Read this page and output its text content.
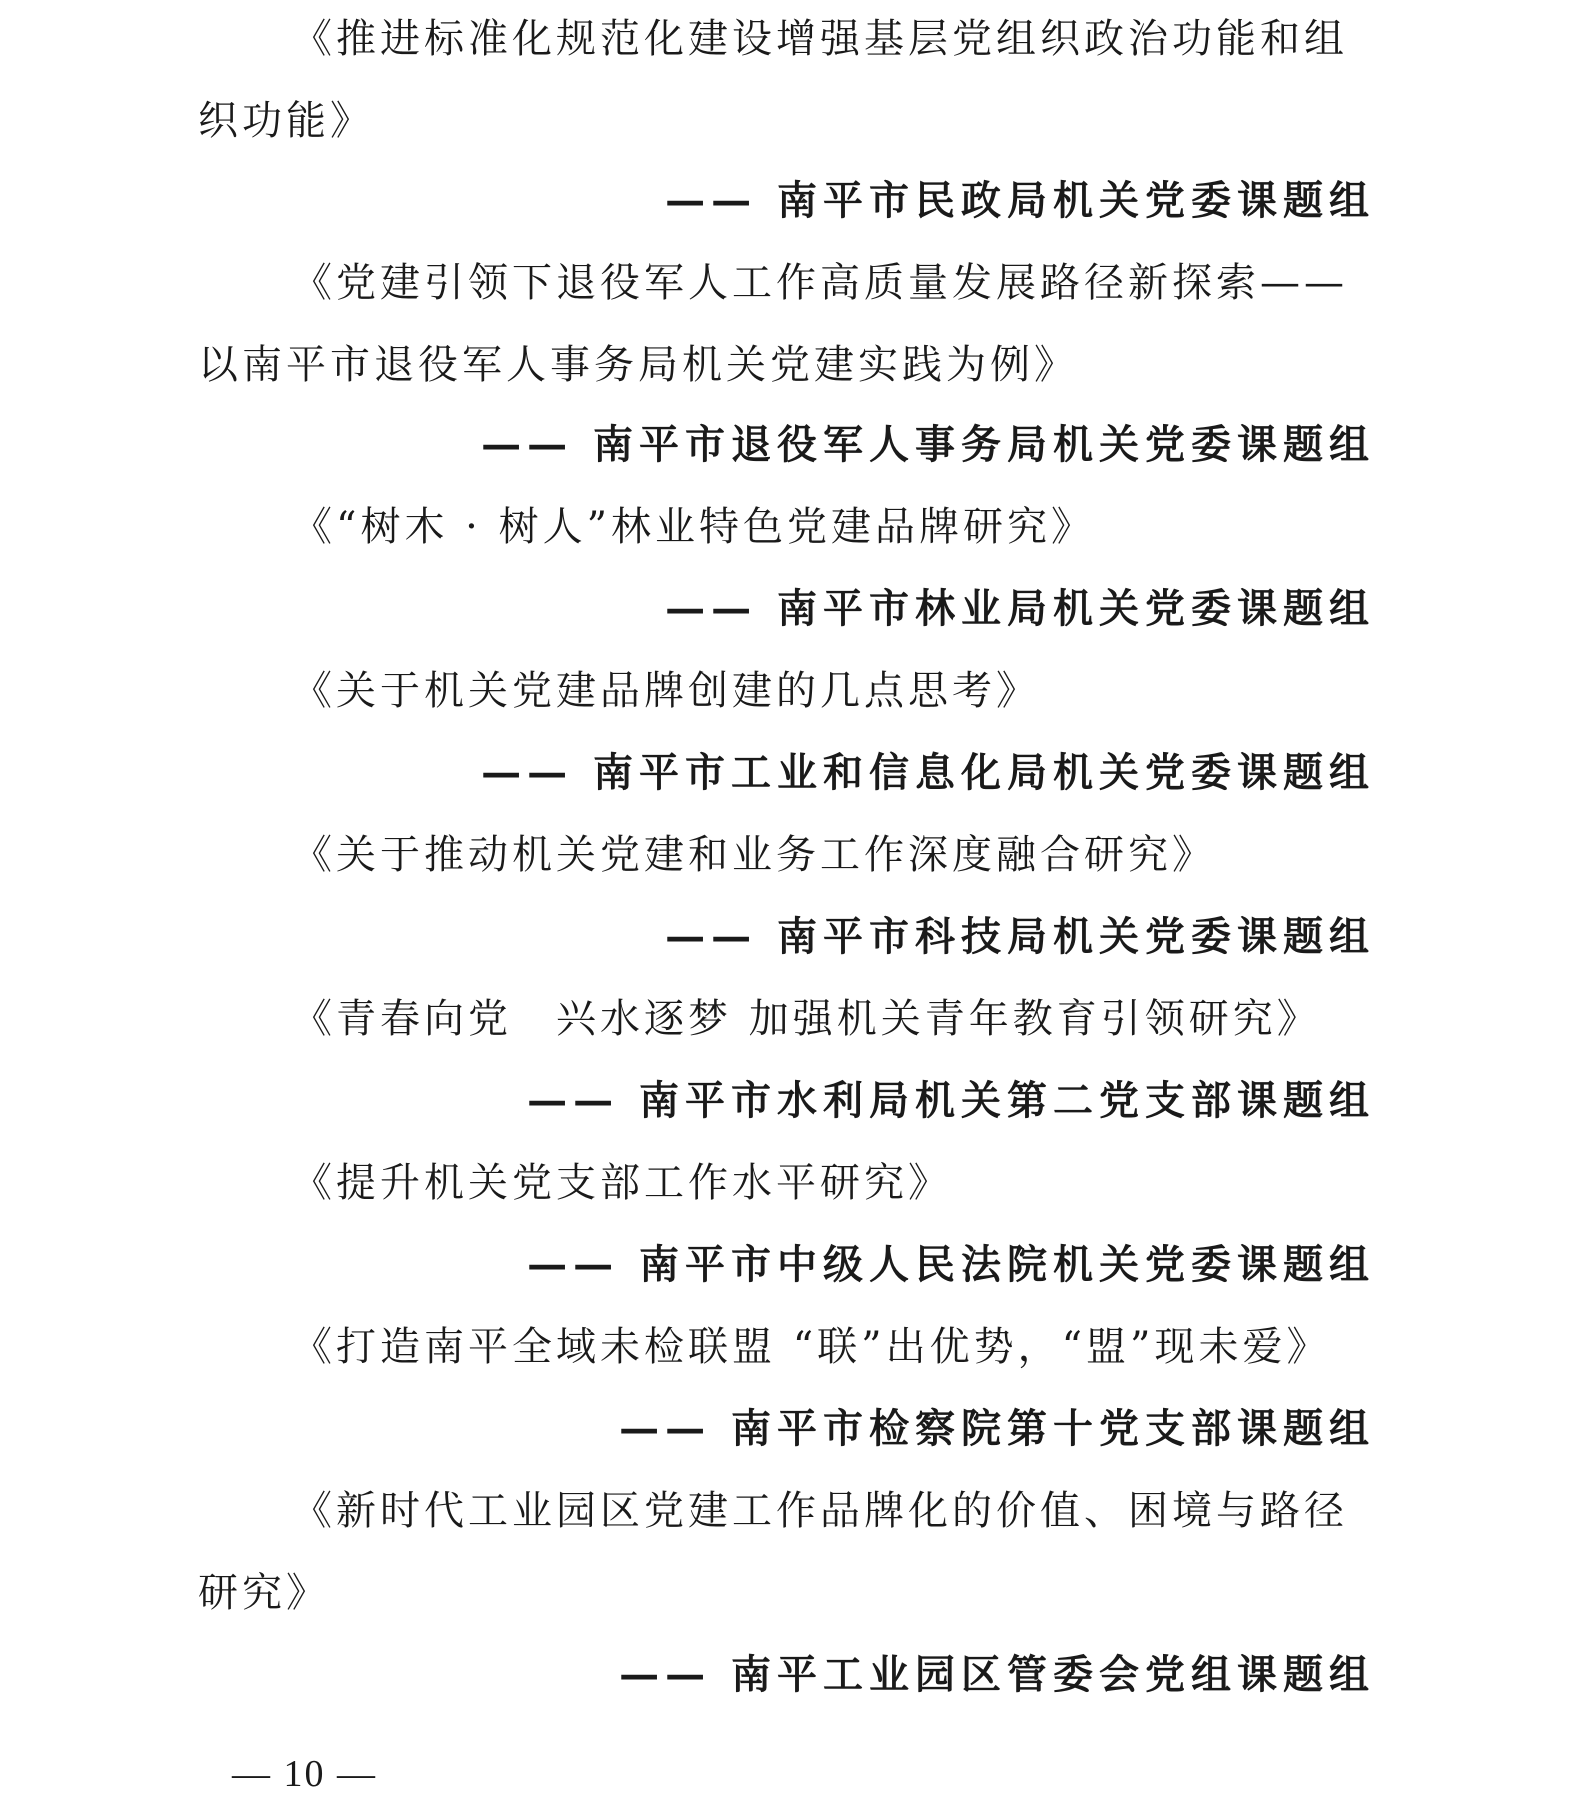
《推进标准化规范化建设增强基层党组织政治功能和组
织功能》
—— 南平市民政局机关党委课题组
《党建引领下退役军人工作高质量发展路径新探索——
以南平市退役军人事务局机关党建实践为例》
—— 南平市退役军人事务局机关党委课题组
《“树木 · 树人”林业特色党建品牌研究》
—— 南平市林业局机关党委课题组
《关于机关党建品牌创建的几点思考》
—— 南平市工业和信息化局机关党委课题组
《关于推动机关党建和业务工作深度融合研究》
—— 南平市科技局机关党委课题组
《青春向党　兴水逐梦 加强机关青年教育引领研究》
—— 南平市水利局机关第二党支部课题组
《提升机关党支部工作水平研究》
—— 南平市中级人民法院机关党委课题组
《打造南平全域未检联盟 “联”出优势，“盟”现未爱》
—— 南平市检察院第十党支部课题组
《新时代工业园区党建工作品牌化的价值、困境与路径
研究》
—— 南平工业园区管委会党组课题组
— 10 —
